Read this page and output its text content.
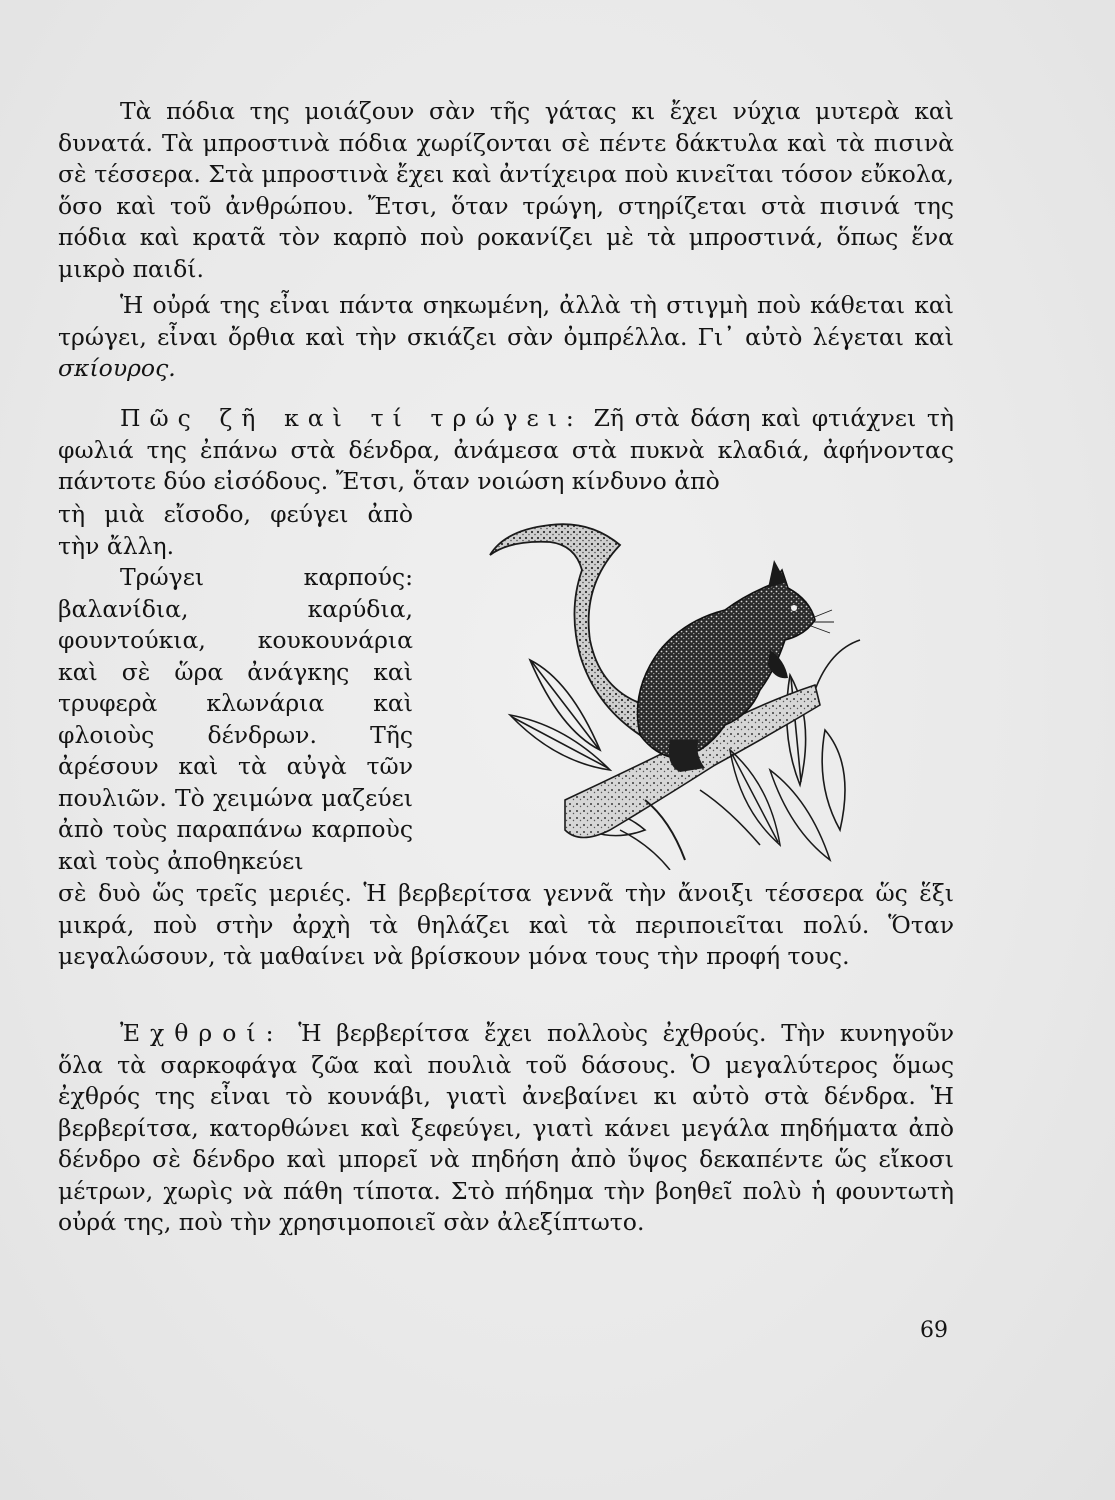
Τὰ πόδια της μοιάζουν σὰν τῆς γάτας κι ἔχει νύχια μυτερὰ καὶ δυνατά. Τὰ μπροστινὰ πόδια χωρίζονται σὲ πέντε δάκτυλα καὶ τὰ πισινὰ σὲ τέσσερα. Στὰ μπροστινὰ ἔχει καὶ ἀντίχειρα ποὺ κινεῖται τόσον εὔκολα, ὅσο καὶ τοῦ ἀνθρώπου. Ἔτσι, ὅταν τρώγη, στηρίζεται στὰ πισινά της πόδια καὶ κρατᾶ τὸν καρπὸ ποὺ ροκανίζει μὲ τὰ μπροστινά, ὅπως ἕνα μικρὸ παιδί.

Ἡ οὐρά της εἶναι πάντα σηκωμένη, ἀλλὰ τὴ στιγμὴ ποὺ κάθεται καὶ τρώγει, εἶναι ὄρθια καὶ τὴν σκιάζει σὰν ὀμπρέλλα. Γι᾽ αὐτὸ λέγεται καὶ σκίουρος.

Πῶς ζῆ καὶ τί τρώγει: Ζῆ στὰ δάση καὶ φτιάχνει τὴ φωλιά της ἐπάνω στὰ δένδρα, ἀνάμεσα στὰ πυκνὰ κλαδιά, ἀφήνοντας πάντοτε δύο εἰσόδους. Ἔτσι, ὅταν νοιώση κίνδυνο ἀπὸ

τὴ μιὰ εἴσοδο, φεύγει ἀπὸ τὴν ἄλλη.
Τρώγει καρπούς: βαλανίδια, καρύδια, φουντούκια, κουκουνάρια καὶ σὲ ὥρα ἀνάγκης καὶ τρυφερὰ κλωνάρια καὶ φλοιοὺς δένδρων. Τῆς ἀρέσουν καὶ τὰ αὐγὰ τῶν πουλιῶν. Τὸ χειμώνα μαζεύει ἀπὸ τοὺς παραπάνω καρποὺς καὶ τοὺς ἀποθηκεύει

σὲ δυὸ ὥς τρεῖς μεριές. Ἡ βερβερίτσα γεννᾶ τὴν ἄνοιξι τέσσερα ὥς ἕξι μικρά, ποὺ στὴν ἀρχὴ τὰ θηλάζει καὶ τὰ περιποιεῖται πολύ. Ὅταν μεγαλώσουν, τὰ μαθαίνει νὰ βρίσκουν μόνα τους τὴν προφή τους.

Ἐχθροί: Ἡ βερβερίτσα ἔχει πολλοὺς ἐχθρούς. Τὴν κυνηγοῦν ὅλα τὰ σαρκοφάγα ζῶα καὶ πουλιὰ τοῦ δάσους. Ὁ μεγαλύτερος ὅμως ἐχθρός της εἶναι τὸ κουνάβι, γιατὶ ἀνεβαίνει κι αὐτὸ στὰ δένδρα. Ἡ βερβερίτσα, κατορθώνει καὶ ξεφεύγει, γιατὶ κάνει μεγάλα πηδήματα ἀπὸ δένδρο σὲ δένδρο καὶ μπορεῖ νὰ πηδήση ἀπὸ ὕψος δεκαπέντε ὥς εἴκοσι μέτρων, χωρὶς νὰ πάθη τίποτα. Στὸ πήδημα τὴν βοηθεῖ πολὺ ἡ φουντωτὴ οὐρά της, ποὺ τὴν χρησιμοποιεῖ σὰν ἀλεξίπτωτο.

69
